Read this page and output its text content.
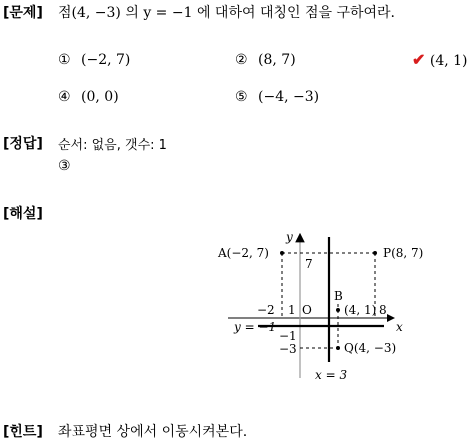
[문제] 점(4, −3) 의 y = −1 에 대하여 대칭인 점을 구하여라.
① (−2, 7)	② (8, 7)	✔ (4, 1)
④ (0, 0)	⑤ (−4, −3)
[정답] 순서: 없음, 갯수: 1
③
[해설]
A(−2, 7)	P(8, 7)
B
(4, 1)
Q(4, −3)
y
x
O
7
−2 1	8
−1
−3
y = −1
x = 3
[힌트] 좌표평면 상에서 이동시켜본다.
